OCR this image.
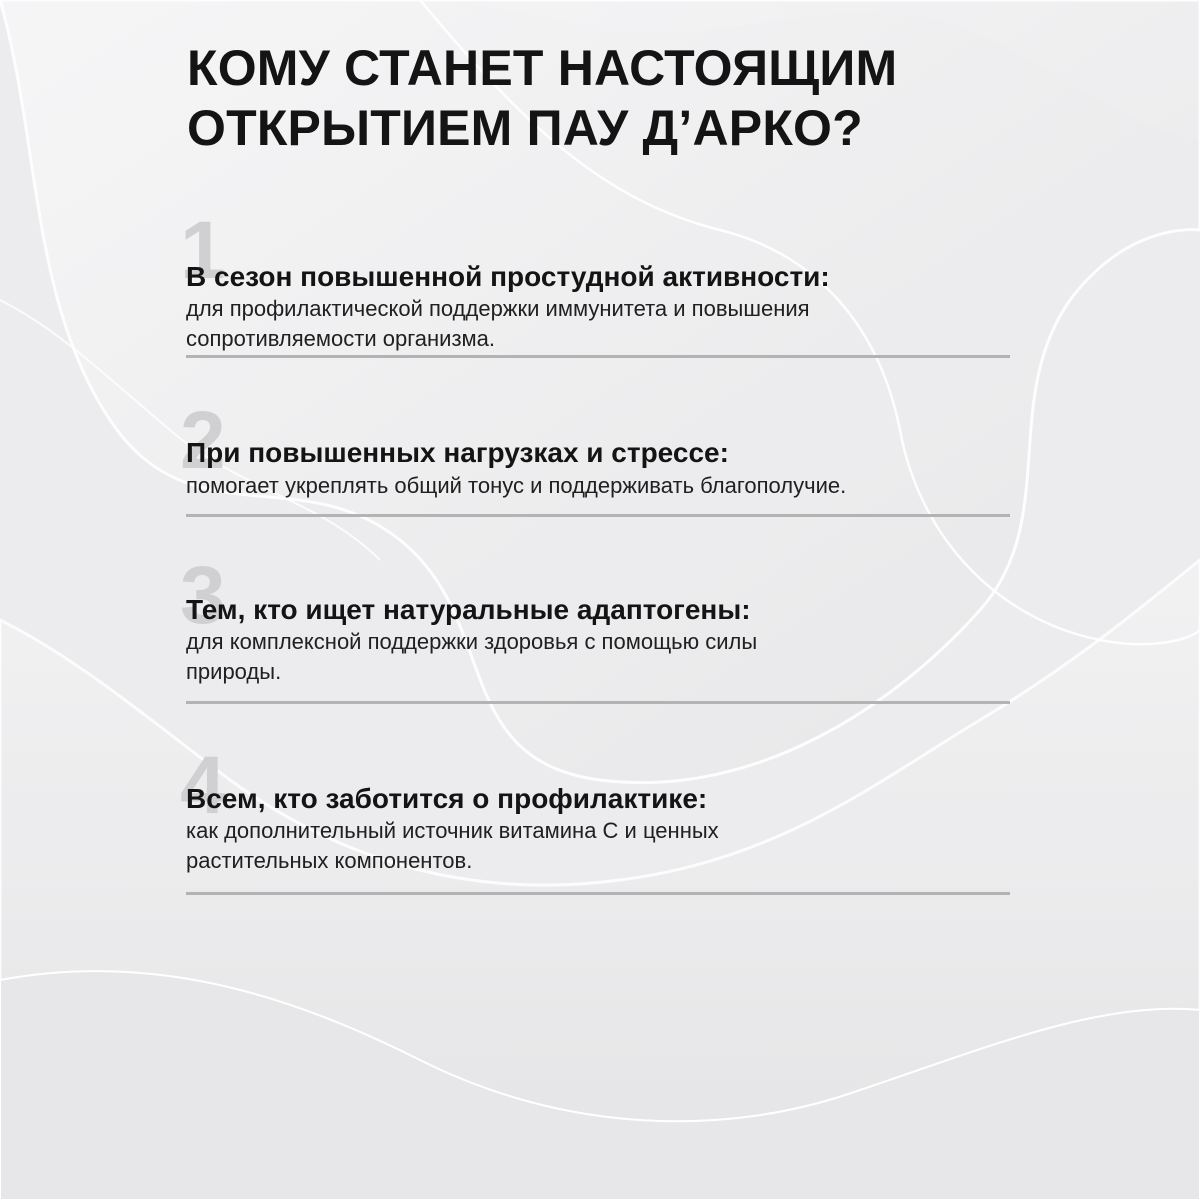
КОМУ СТАНЕТ НАСТОЯЩИМ
ОТКРЫТИЕМ ПАУ Д’АРКО?
1
В сезон повышенной простудной активности:

для профилактической поддержки иммунитета и повышения
сопротивляемости организма.

2
При повышенных нагрузках и стрессе:

помогает укреплять общий тонус и поддерживать благополучие.

3
Тем, кто ищет натуральные адаптогены:

для комплексной поддержки здоровья с помощью силы
природы.

4
Всем, кто заботится о профилактике:

как дополнительный источник витамина С и ценных
растительных компонентов.
